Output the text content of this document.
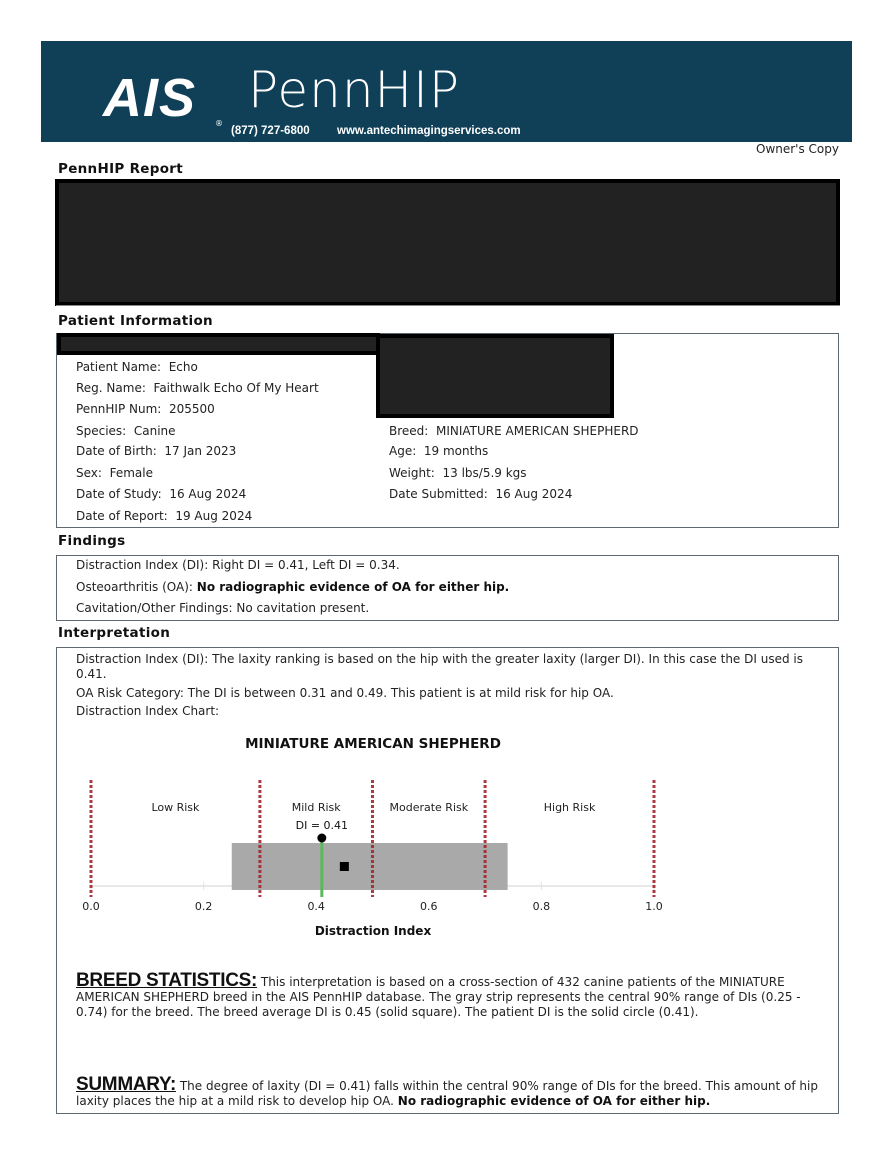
AIS ®
PennHIP
(877) 727-6800 www.antechimagingservices.com
Owner's Copy
PennHIP Report
Patient Information
Patient Name: Echo
Reg. Name: Faithwalk Echo Of My Heart
PennHIP Num: 205500
Species: Canine
Date of Birth: 17 Jan 2023
Sex: Female
Date of Study: 16 Aug 2024
Date of Report: 19 Aug 2024
Breed: MINIATURE AMERICAN SHEPHERD
Age: 19 months
Weight: 13 lbs/5.9 kgs
Date Submitted: 16 Aug 2024
Findings
Distraction Index (DI): Right DI = 0.41, Left DI = 0.34.
Osteoarthritis (OA): No radiographic evidence of OA for either hip.
Cavitation/Other Findings: No cavitation present.
Interpretation
Distraction Index (DI): The laxity ranking is based on the hip with the greater laxity (larger DI). In this case the DI used is 0.41.
OA Risk Category: The DI is between 0.31 and 0.49. This patient is at mild risk for hip OA.
Distraction Index Chart:
MINIATURE AMERICAN SHEPHERD
0.0	0.2	0.4	0.6	0.8	1.0
Low Risk	Mild Risk	Moderate Risk	High Risk
DI = 0.41
Distraction Index
BREED STATISTICS: This interpretation is based on a cross-section of 432 canine patients of the MINIATURE AMERICAN SHEPHERD breed in the AIS PennHIP database. The gray strip represents the central 90% range of DIs (0.25 - 0.74) for the breed. The breed average DI is 0.45 (solid square). The patient DI is the solid circle (0.41).
SUMMARY: The degree of laxity (DI = 0.41) falls within the central 90% range of DIs for the breed. This amount of hip laxity places the hip at a mild risk to develop hip OA. No radiographic evidence of OA for either hip.
